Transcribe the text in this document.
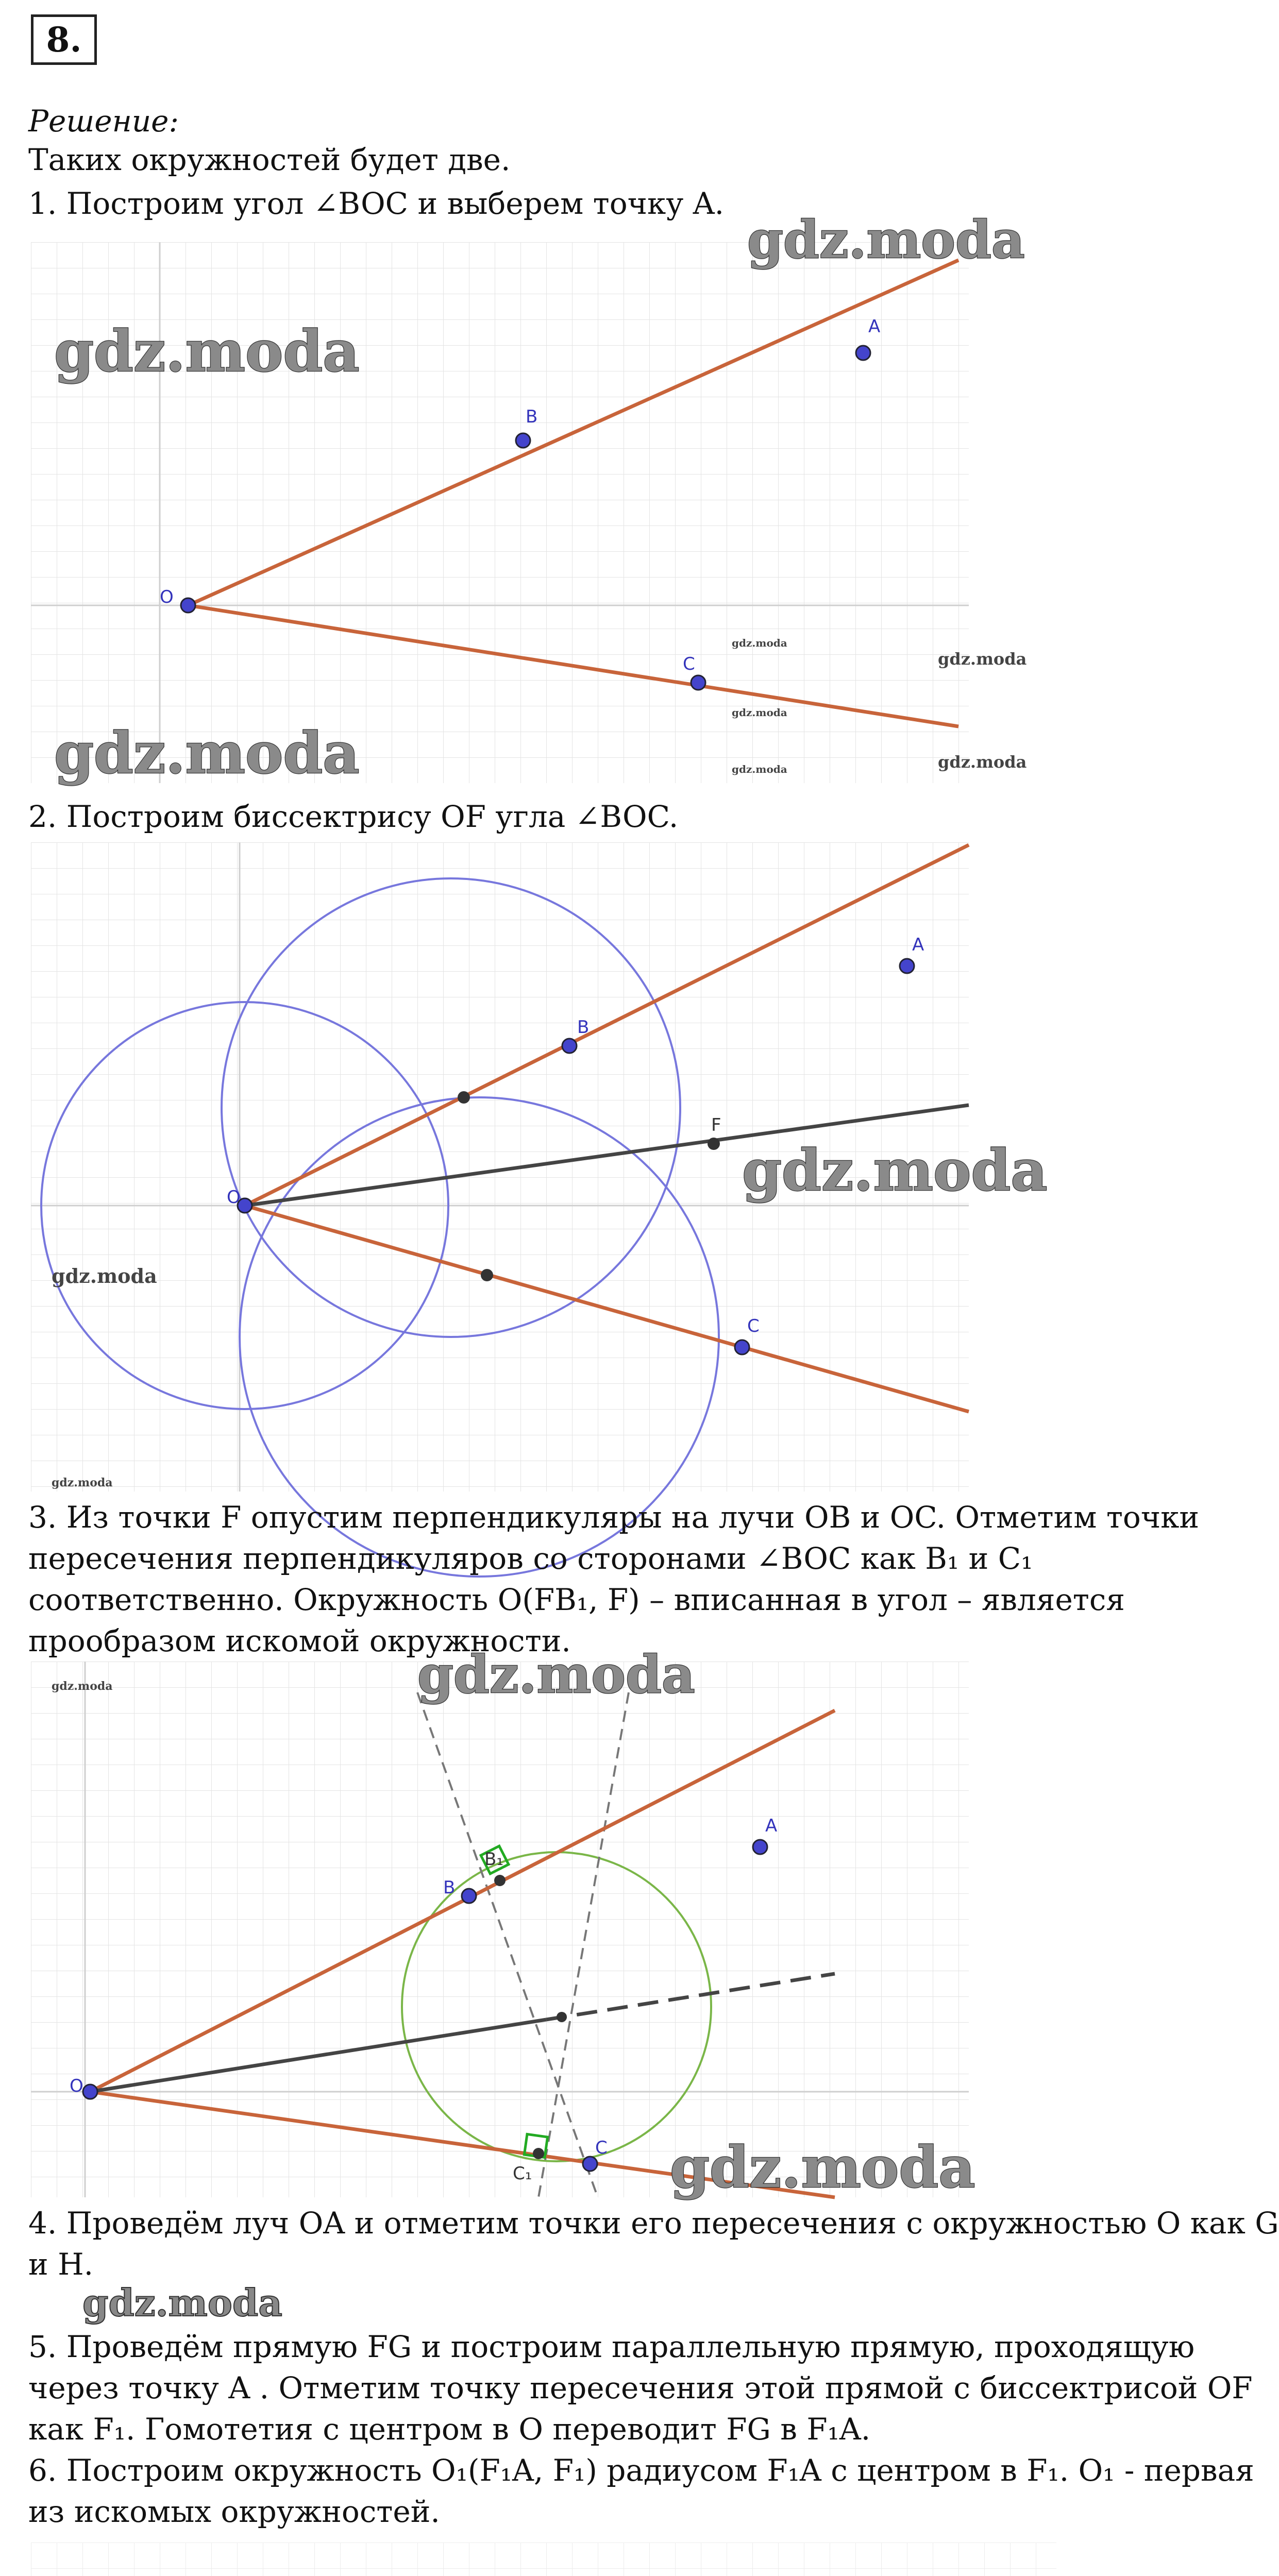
8.
Решение:
Таких окружностей будет две.
1. Построим угол ∠BOC и выберем точку A.
O
B
C
A
gdz.moda
gdz.moda
gdz.moda
gdz.moda
gdz.moda
gdz.moda
gdz.moda
gdz.moda
2. Построим биссектрису OF угла ∠BOC.
O
B
C
F
A
gdz.moda
gdz.moda
gdz.moda
3. Из точки F опустим перпендикуляры на лучи OB и OC. Отметим точки
пересечения перпендикуляров со сторонами ∠BOC как B₁ и C₁
соответственно. Окружность O(FB₁, F) – вписанная в угол – является
прообразом искомой окружности.
O
B
B₁
C
C₁
A
gdz.moda
gdz.moda
gdz.moda
4. Проведём луч OA и отметим точки его пересечения с окружностью O как G
и H.
gdz.moda
5. Проведём прямую FG и построим параллельную прямую, проходящую
через точку A . Отметим точку пересечения этой прямой с биссектрисой OF
как F₁. Гомотетия с центром в O переводит FG в F₁A.
6. Построим окружность O₁(F₁A, F₁) радиусом F₁A с центром в F₁. O₁ - первая
из искомых окружностей.
